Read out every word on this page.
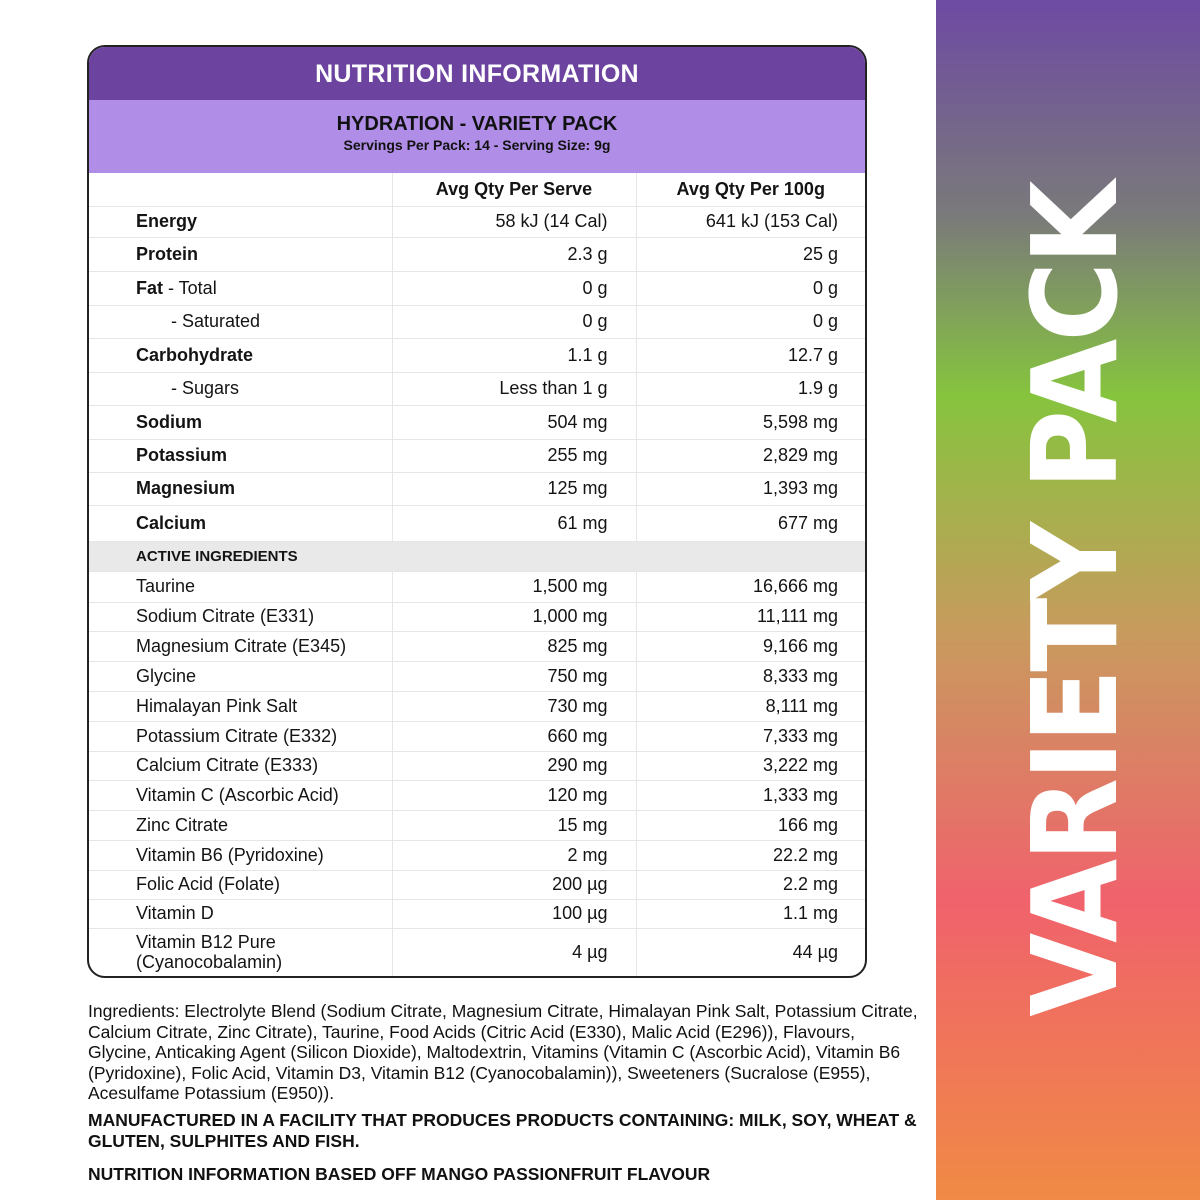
VARIETY PACK
NUTRITION INFORMATION
HYDRATION - VARIETY PACK
Servings Per Pack: 14 - Serving Size: 9g
	Avg Qty Per Serve	Avg Qty Per 100g
Energy	58 kJ (14 Cal)	641 kJ (153 Cal)
Protein	2.3 g	25 g
Fat - Total	0 g	0 g
- Saturated	0 g	0 g
Carbohydrate	1.1 g	12.7 g
- Sugars	Less than 1 g	1.9 g
Sodium	504 mg	5,598 mg
Potassium	255 mg	2,829 mg
Magnesium	125 mg	1,393 mg
Calcium	61 mg	677 mg
ACTIVE INGREDIENTS		
Taurine	1,500 mg	16,666 mg
Sodium Citrate (E331)	1,000 mg	11,111 mg
Magnesium Citrate (E345)	825 mg	9,166 mg
Glycine	750 mg	8,333 mg
Himalayan Pink Salt	730 mg	8,111 mg
Potassium Citrate (E332)	660 mg	7,333 mg
Calcium Citrate (E333)	290 mg	3,222 mg
Vitamin C (Ascorbic Acid)	120 mg	1,333 mg
Zinc Citrate	15 mg	166 mg
Vitamin B6 (Pyridoxine)	2 mg	22.2 mg
Folic Acid (Folate)	200 µg	2.2 mg
Vitamin D	100 µg	1.1 mg

Vitamin B12 Pure
(Cyanocobalamin)	4 µg	44 µg

Ingredients: Electrolyte Blend (Sodium Citrate, Magnesium Citrate, Himalayan Pink Salt, Potassium Citrate, Calcium Citrate, Zinc Citrate), Taurine, Food Acids (Citric Acid (E330), Malic Acid (E296)), Flavours, Glycine, Anticaking Agent (Silicon Dioxide), Maltodextrin, Vitamins (Vitamin C (Ascorbic Acid), Vitamin B6 (Pyridoxine), Folic Acid, Vitamin D3, Vitamin B12 (Cyanocobalamin)), Sweeteners (Sucralose (E955), Acesulfame Potassium (E950)).

MANUFACTURED IN A FACILITY THAT PRODUCES PRODUCTS CONTAINING: MILK, SOY, WHEAT & GLUTEN, SULPHITES AND FISH.

NUTRITION INFORMATION BASED OFF MANGO PASSIONFRUIT FLAVOUR
